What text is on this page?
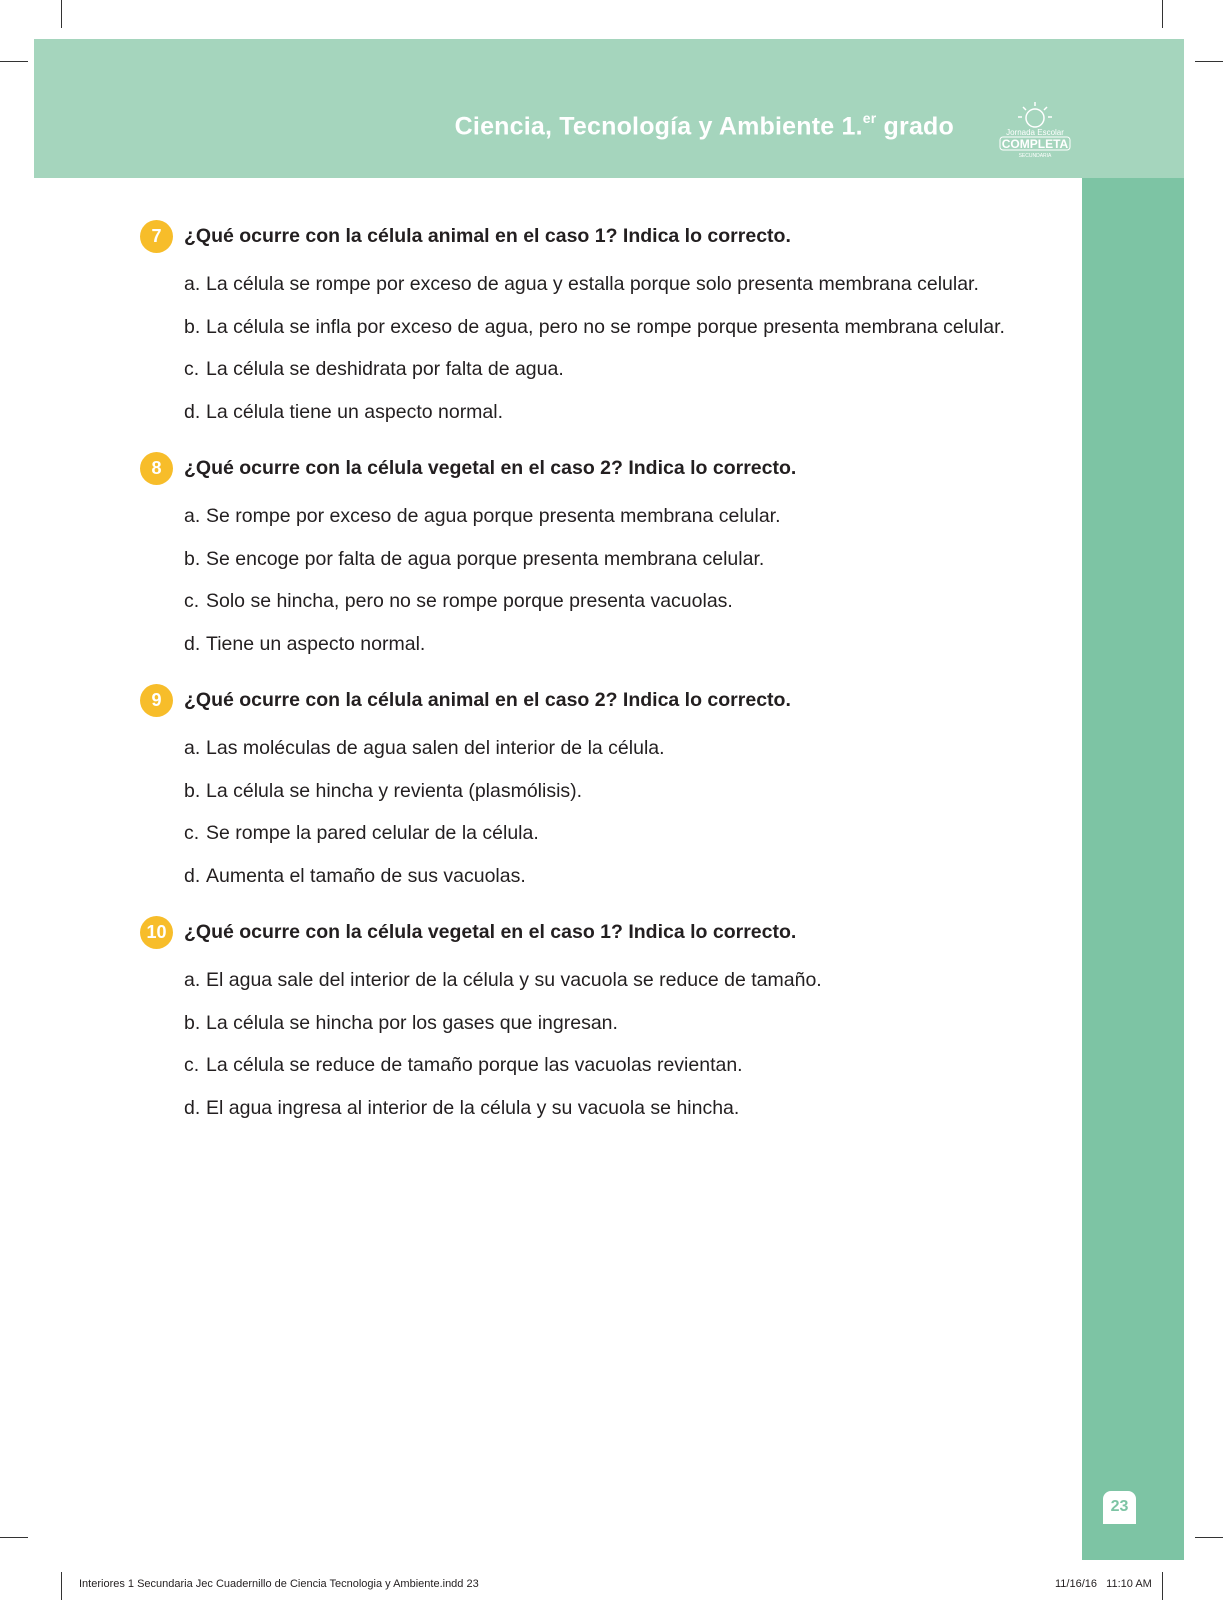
Ciencia, Tecnología y Ambiente 1.$^{er}$ grado	Jornada Escolar
COMPLETA
SECUNDARIA
23
7	¿Qué ocurre con la célula animal en el caso 1? Indica lo correcto.
a. La célula se rompe por exceso de agua y estalla porque solo presenta membrana celular.
b. La célula se infla por exceso de agua, pero no se rompe porque presenta membrana celular.
c. La célula se deshidrata por falta de agua.
d. La célula tiene un aspecto normal.
8	¿Qué ocurre con la célula vegetal en el caso 2? Indica lo correcto.
a. Se rompe por exceso de agua porque presenta membrana celular.
b. Se encoge por falta de agua porque presenta membrana celular.
c. Solo se hincha, pero no se rompe porque presenta vacuolas.
d. Tiene un aspecto normal.
9	¿Qué ocurre con la célula animal en el caso 2? Indica lo correcto.
a. Las moléculas de agua salen del interior de la célula.
b. La célula se hincha y revienta (plasmólisis).
c. Se rompe la pared celular de la célula.
d. Aumenta el tamaño de sus vacuolas.
10 ¿Qué ocurre con la célula vegetal en el caso 1? Indica lo correcto.
a. El agua sale del interior de la célula y su vacuola se reduce de tamaño.
b. La célula se hincha por los gases que ingresan.
c. La célula se reduce de tamaño porque las vacuolas revientan.
d. El agua ingresa al interior de la célula y su vacuola se hincha.
Interiores 1 Secundaria Jec Cuadernillo de Ciencia Tecnologia y Ambiente.indd 23	11/16/16   11:10 AM
